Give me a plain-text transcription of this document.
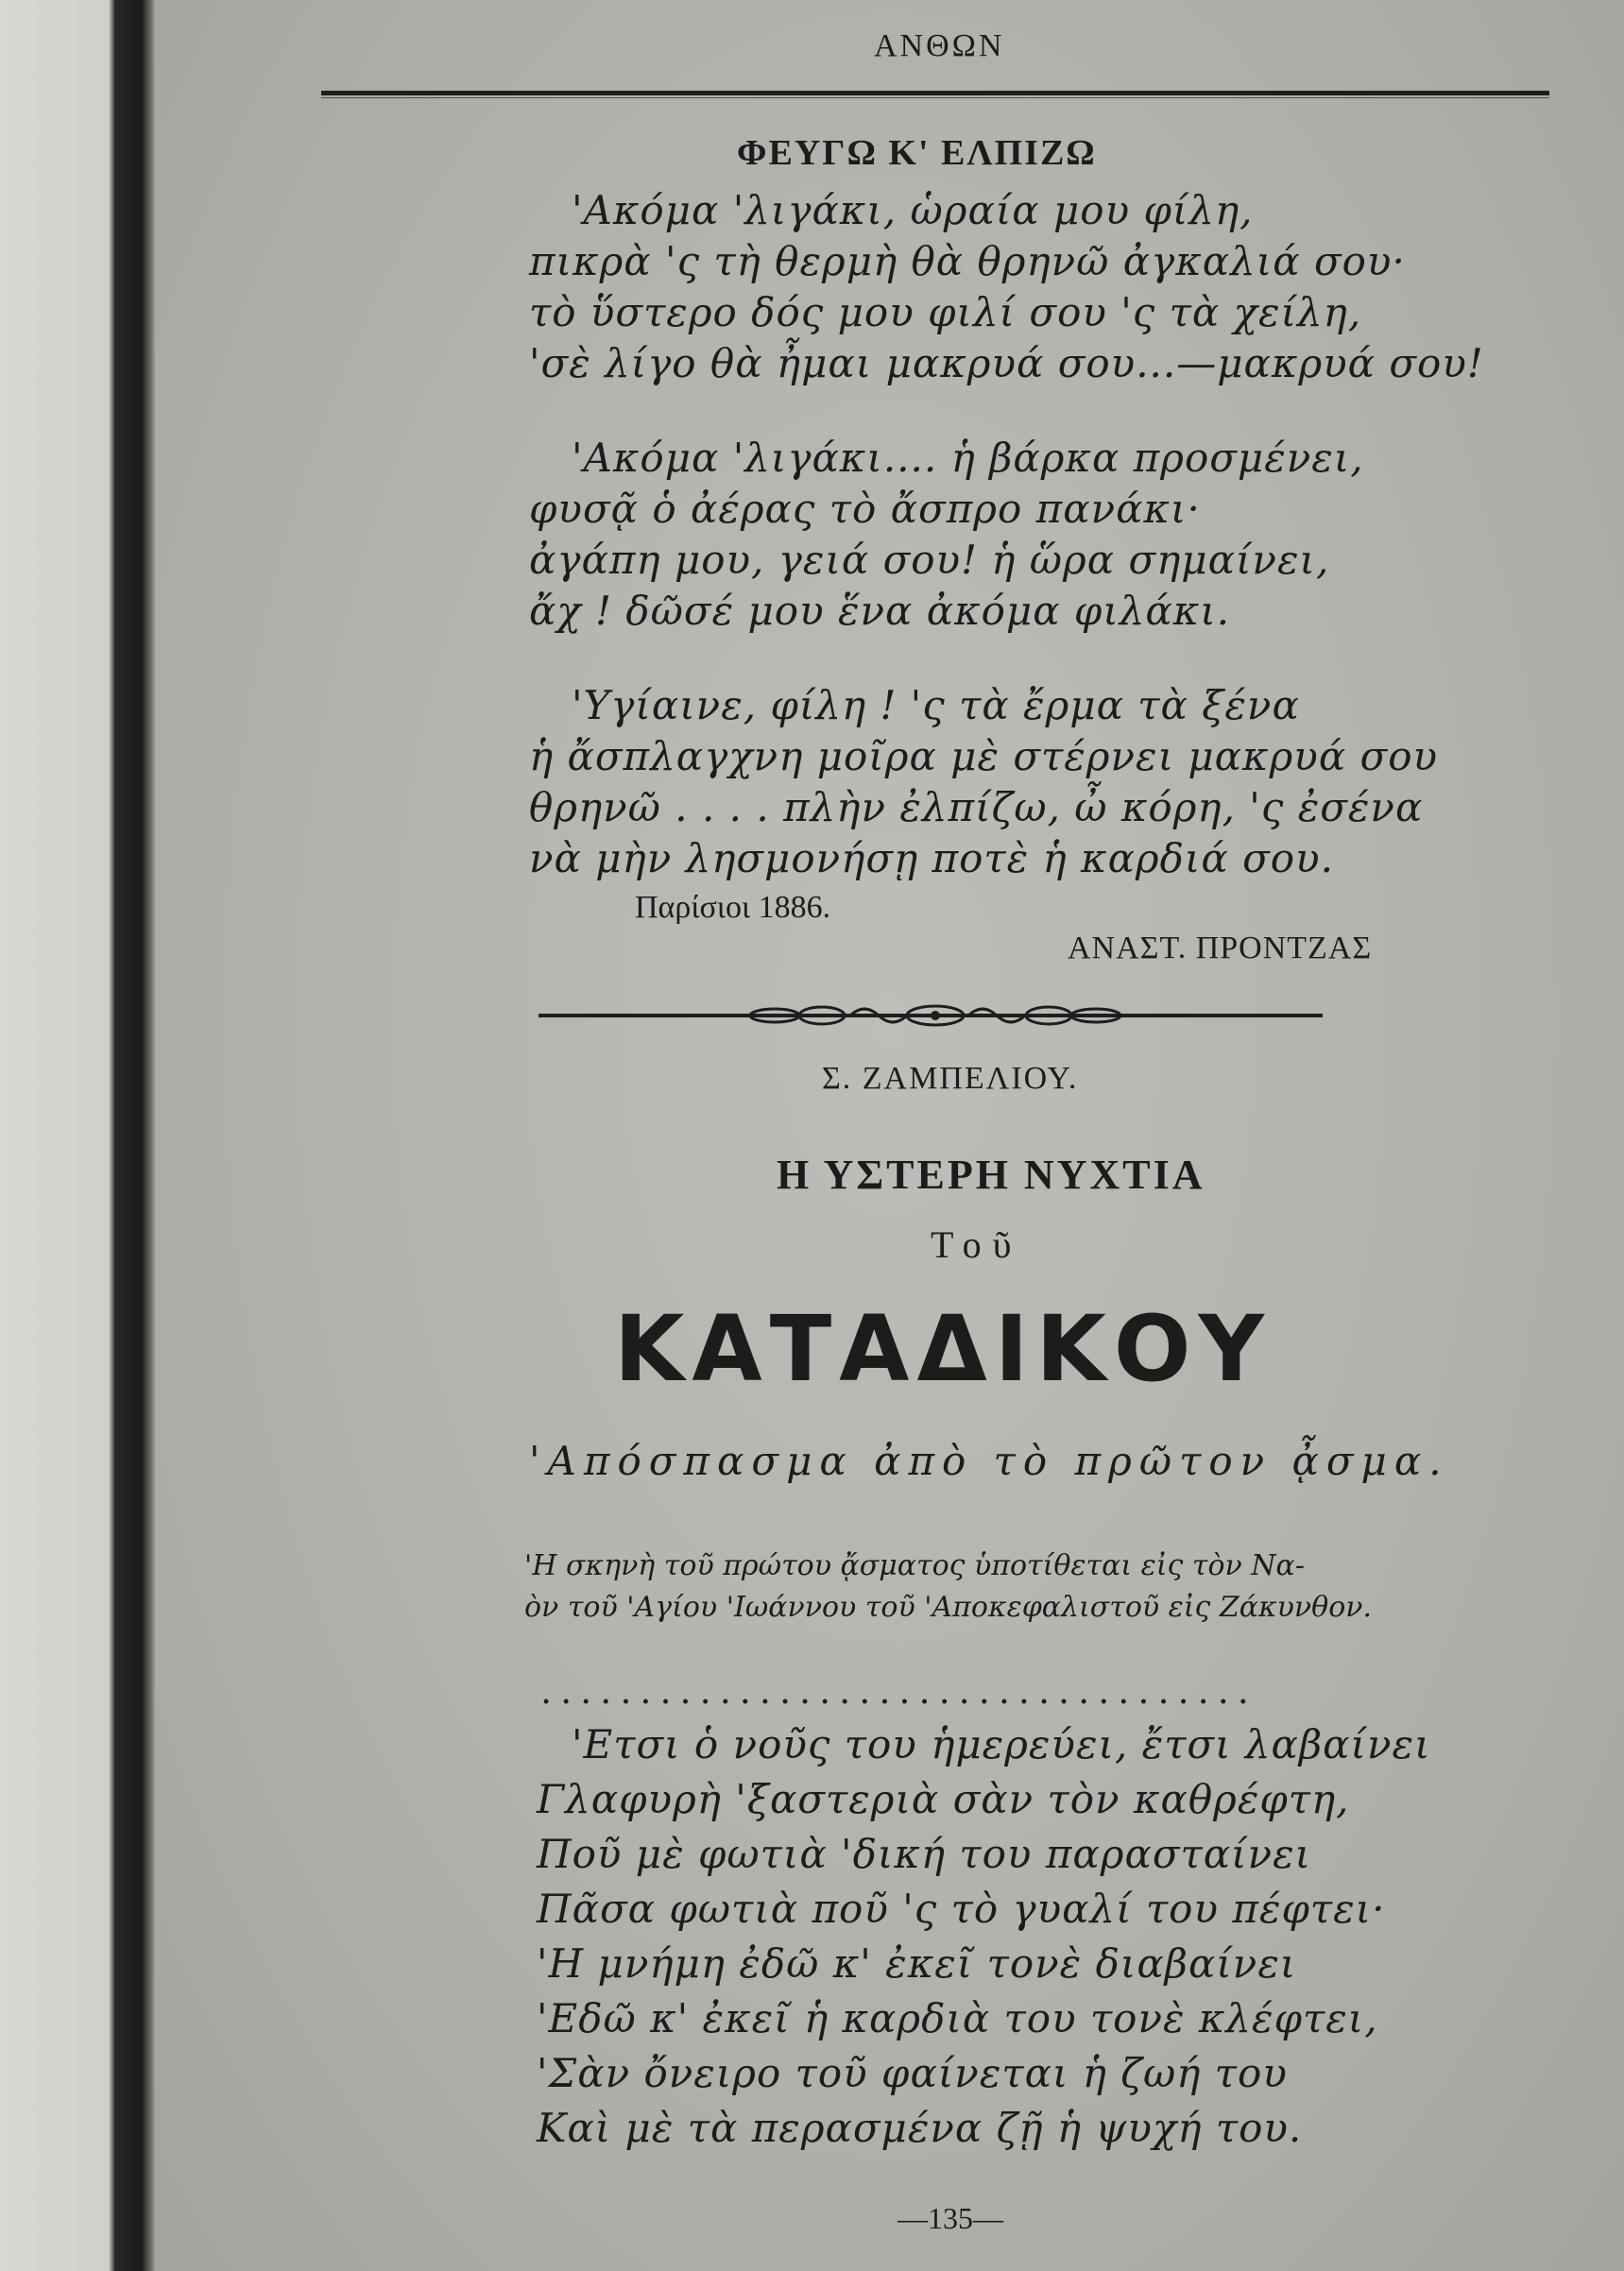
ΑΝΘΩΝ
ΦΕΥΓΩ Κ' ΕΛΠΙΖΩ
'Ακόμα 'λιγάκι, ὡραία μου φίλη,
πικρὰ 'ς τὴ θερμὴ θὰ θρηνῶ ἀγκαλιά σου·
τὸ ὕστερο δός μου φιλί σου 'ς τὰ χείλη,
'σὲ λίγο θὰ ἦμαι μακρυά σου...—μακρυά σου!
'Ακόμα 'λιγάκι.... ἡ βάρκα προσμένει,
φυσᾷ ὁ ἀέρας τὸ ἄσπρο πανάκι·
ἀγάπη μου, γειά σου! ἡ ὥρα σημαίνει,
ἄχ ! δῶσέ μου ἕνα ἀκόμα φιλάκι.
'Υγίαινε, φίλη ! 'ς τὰ ἔρμα τὰ ξένα
ἡ ἄσπλαγχνη μοῖρα μὲ στέρνει μακρυά σου
θρηνῶ . . . . πλὴν ἐλπίζω, ὦ κόρη, 'ς ἐσένα
νὰ μὴν λησμονήσῃ ποτὲ ἡ καρδιά σου.
Παρίσιοι 1886.
ΑΝΑΣΤ. ΠΡΟΝΤΖΑΣ
Σ. ΖΑΜΠΕΛΙΟΥ.
Η ΥΣΤΕΡΗ ΝΥΧΤΙΑ
Τοῦ
ΚΑΤΑΔΙΚΟΥ
'Απόσπασμα ἀπὸ τὸ πρῶτον ᾆσμα.
'Η σκηνὴ τοῦ πρώτου ᾄσματος ὑποτίθεται εἰς τὸν Να-
ὸν τοῦ 'Αγίου 'Ιωάννου τοῦ 'Αποκεφαλιστοῦ εἰς Ζάκυνθον.
....................................
'Ετσι ὁ νοῦς του ἡμερεύει, ἔτσι λαβαίνει
Γλαφυρὴ 'ξαστεριὰ σὰν τὸν καθρέφτη,
Ποῦ μὲ φωτιὰ 'δική του παρασταίνει
Πᾶσα φωτιὰ ποῦ 'ς τὸ γυαλί του πέφτει·
'Η μνήμη ἐδῶ κ' ἐκεῖ τονὲ διαβαίνει
'Εδῶ κ' ἐκεῖ ἡ καρδιὰ του τονὲ κλέφτει,
'Σὰν ὄνειρο τοῦ φαίνεται ἡ ζωή του
Καὶ μὲ τὰ περασμένα ζῇ ἡ ψυχή του.
—135—
